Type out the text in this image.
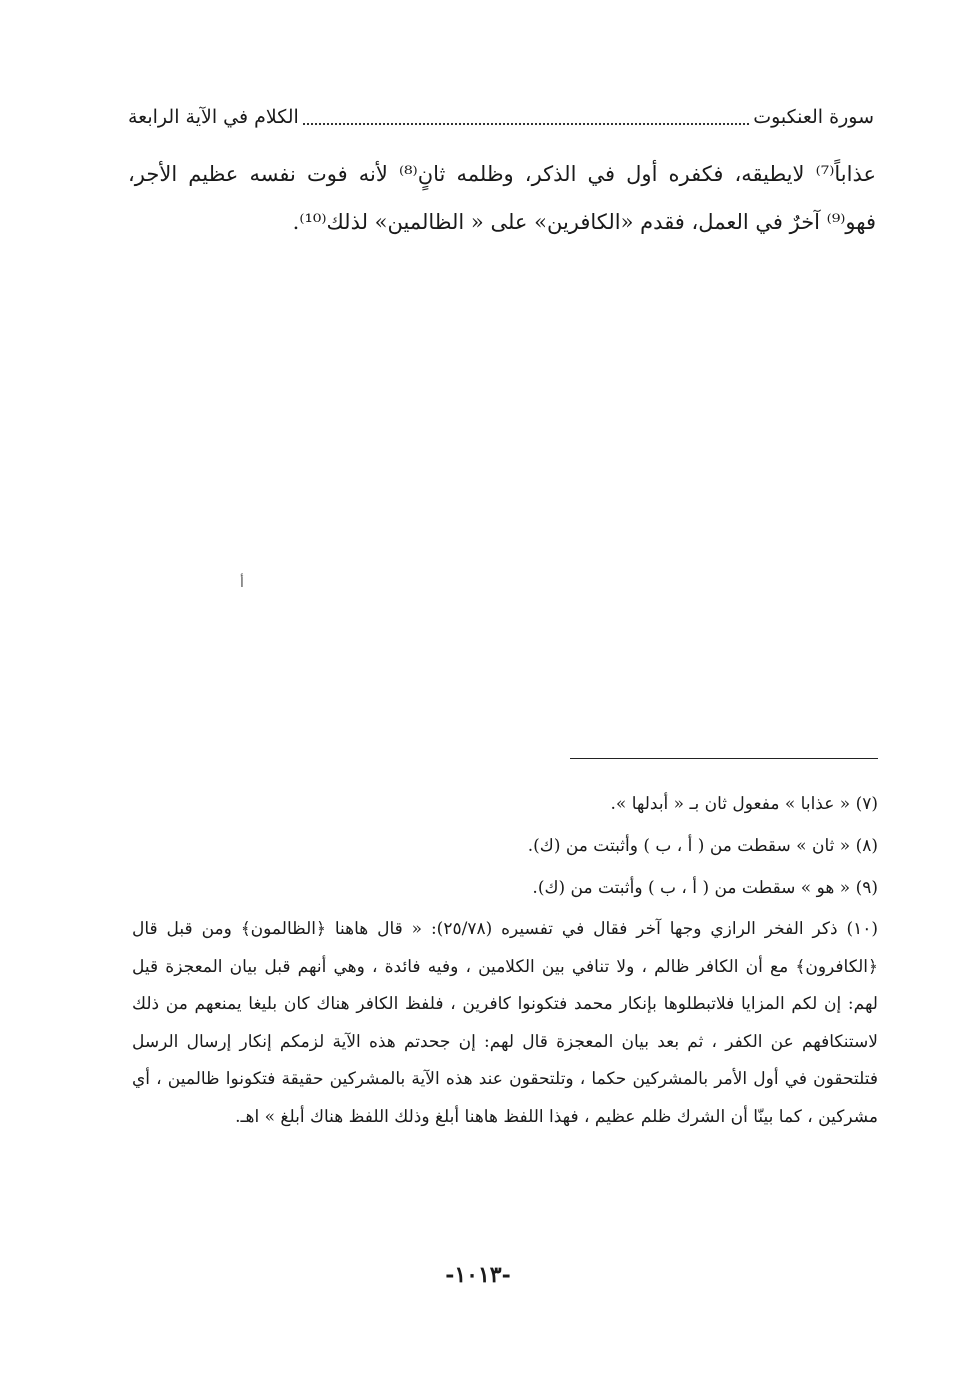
سورة العنكبوت
الكلام في الآية الرابعة

عذاباً⁽⁷⁾ لايطيقه، فكفره أول في الذكر، وظلمه ثانٍ⁽⁸⁾ لأنه فوت نفسه عظيم الأجر، فهو⁽⁹⁾ آخرٌ في العمل، فقدم «الكافرين» على « الظالمين» لذلك⁽¹⁰⁾.

أ

(٧) « عذابا » مفعول ثان بـ « أبدلها ».

(٨) « ثان » سقطت من ( أ ، ب ) وأثبتت من (ك).

(٩) « هو » سقطت من ( أ ، ب ) وأثبتت من (ك).

(١٠) ذكر الفخر الرازي وجها آخر فقال في تفسيره (٢٥/٧٨): « قال هاهنا ﴿الظالمون﴾ ومن قبل قال ﴿الكافرون﴾ مع أن الكافر ظالم ، ولا تنافي بين الكلامين ، وفيه فائدة ، وهي أنهم قبل بيان المعجزة قيل لهم: إن لكم المزايا فلاتبطلوها بإنكار محمد فتكونوا كافرين ، فلفظ الكافر هناك كان بليغا يمنعهم من ذلك لاستنكافهم عن الكفر ، ثم بعد بيان المعجزة قال لهم: إن جحدتم هذه الآية لزمكم إنكار إرسال الرسل فتلتحقون في أول الأمر بالمشركين حكما ، وتلتحقون عند هذه الآية بالمشركين حقيقة فتكونوا ظالمين ، أي مشركين ، كما بينّا أن الشرك ظلم عظيم ، فهذا اللفظ هاهنا أبلغ وذلك اللفظ هناك أبلغ » اهـ.

-١٠١٣-
